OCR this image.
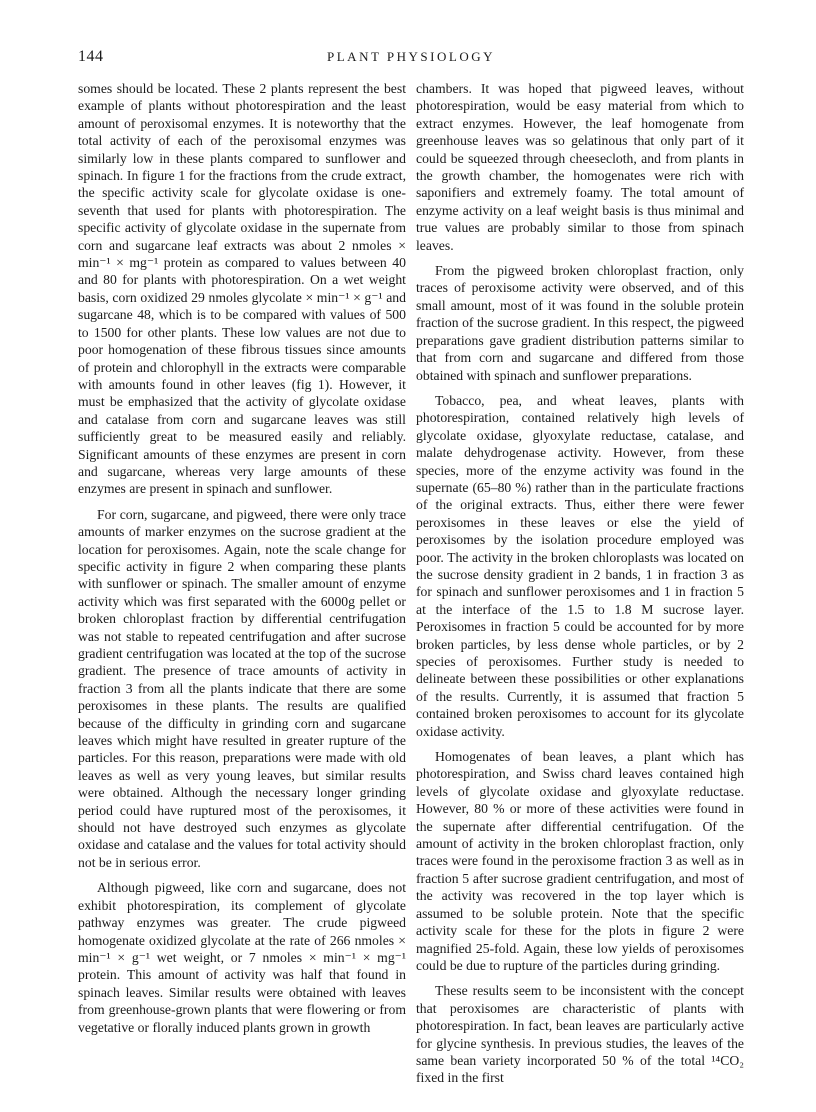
144	PLANT PHYSIOLOGY

somes should be located. These 2 plants represent the best example of plants without photorespiration and the least amount of peroxisomal enzymes. It is noteworthy that the total activity of each of the peroxisomal enzymes was similarly low in these plants compared to sunflower and spinach. In figure 1 for the fractions from the crude extract, the specific activity scale for glycolate oxidase is one-seventh that used for plants with photorespiration. The specific activity of glycolate oxidase in the supernate from corn and sugarcane leaf extracts was about 2 nmoles × min⁻¹ × mg⁻¹ protein as compared to values between 40 and 80 for plants with photorespiration. On a wet weight basis, corn oxidized 29 nmoles glycolate × min⁻¹ × g⁻¹ and sugarcane 48, which is to be compared with values of 500 to 1500 for other plants. These low values are not due to poor homogenation of these fibrous tissues since amounts of protein and chlorophyll in the extracts were comparable with amounts found in other leaves (fig 1). However, it must be emphasized that the activity of glycolate oxidase and catalase from corn and sugarcane leaves was still sufficiently great to be measured easily and reliably. Significant amounts of these enzymes are present in corn and sugarcane, whereas very large amounts of these enzymes are present in spinach and sunflower.

For corn, sugarcane, and pigweed, there were only trace amounts of marker enzymes on the sucrose gradient at the location for peroxisomes. Again, note the scale change for specific activity in figure 2 when comparing these plants with sunflower or spinach. The smaller amount of enzyme activity which was first separated with the 6000g pellet or broken chloroplast fraction by differential centrifugation was not stable to repeated centrifugation and after sucrose gradient centrifugation was located at the top of the sucrose gradient. The presence of trace amounts of activity in fraction 3 from all the plants indicate that there are some peroxisomes in these plants. The results are qualified because of the difficulty in grinding corn and sugarcane leaves which might have resulted in greater rupture of the particles. For this reason, preparations were made with old leaves as well as very young leaves, but similar results were obtained. Although the necessary longer grinding period could have ruptured most of the peroxisomes, it should not have destroyed such enzymes as glycolate oxidase and catalase and the values for total activity should not be in serious error.

Although pigweed, like corn and sugarcane, does not exhibit photorespiration, its complement of glycolate pathway enzymes was greater. The crude pigweed homogenate oxidized glycolate at the rate of 266 nmoles × min⁻¹ × g⁻¹ wet weight, or 7 nmoles × min⁻¹ × mg⁻¹ protein. This amount of activity was half that found in spinach leaves. Similar results were obtained with leaves from greenhouse-grown plants that were flowering or from vegetative or florally induced plants grown in growth

chambers. It was hoped that pigweed leaves, without photorespiration, would be easy material from which to extract enzymes. However, the leaf homogenate from greenhouse leaves was so gelatinous that only part of it could be squeezed through cheesecloth, and from plants in the growth chamber, the homogenates were rich with saponifiers and extremely foamy. The total amount of enzyme activity on a leaf weight basis is thus minimal and true values are probably similar to those from spinach leaves.

From the pigweed broken chloroplast fraction, only traces of peroxisome activity were observed, and of this small amount, most of it was found in the soluble protein fraction of the sucrose gradient. In this respect, the pigweed preparations gave gradient distribution patterns similar to that from corn and sugarcane and differed from those obtained with spinach and sunflower preparations.

Tobacco, pea, and wheat leaves, plants with photorespiration, contained relatively high levels of glycolate oxidase, glyoxylate reductase, catalase, and malate dehydrogenase activity. However, from these species, more of the enzyme activity was found in the supernate (65–80 %) rather than in the particulate fractions of the original extracts. Thus, either there were fewer peroxisomes in these leaves or else the yield of peroxisomes by the isolation procedure employed was poor. The activity in the broken chloroplasts was located on the sucrose density gradient in 2 bands, 1 in fraction 3 as for spinach and sunflower peroxisomes and 1 in fraction 5 at the interface of the 1.5 to 1.8 M sucrose layer. Peroxisomes in fraction 5 could be accounted for by more broken particles, by less dense whole particles, or by 2 species of peroxisomes. Further study is needed to delineate between these possibilities or other explanations of the results. Currently, it is assumed that fraction 5 contained broken peroxisomes to account for its glycolate oxidase activity.

Homogenates of bean leaves, a plant which has photorespiration, and Swiss chard leaves contained high levels of glycolate oxidase and glyoxylate reductase. However, 80 % or more of these activities were found in the supernate after differential centrifugation. Of the amount of activity in the broken chloroplast fraction, only traces were found in the peroxisome fraction 3 as well as in fraction 5 after sucrose gradient centrifugation, and most of the activity was recovered in the top layer which is assumed to be soluble protein. Note that the specific activity scale for these for the plots in figure 2 were magnified 25-fold. Again, these low yields of peroxisomes could be due to rupture of the particles during grinding.

These results seem to be inconsistent with the concept that peroxisomes are characteristic of plants with photorespiration. In fact, bean leaves are particularly active for glycine synthesis. In previous studies, the leaves of the same bean variety incorporated 50 % of the total ¹⁴CO₂ fixed in the first
